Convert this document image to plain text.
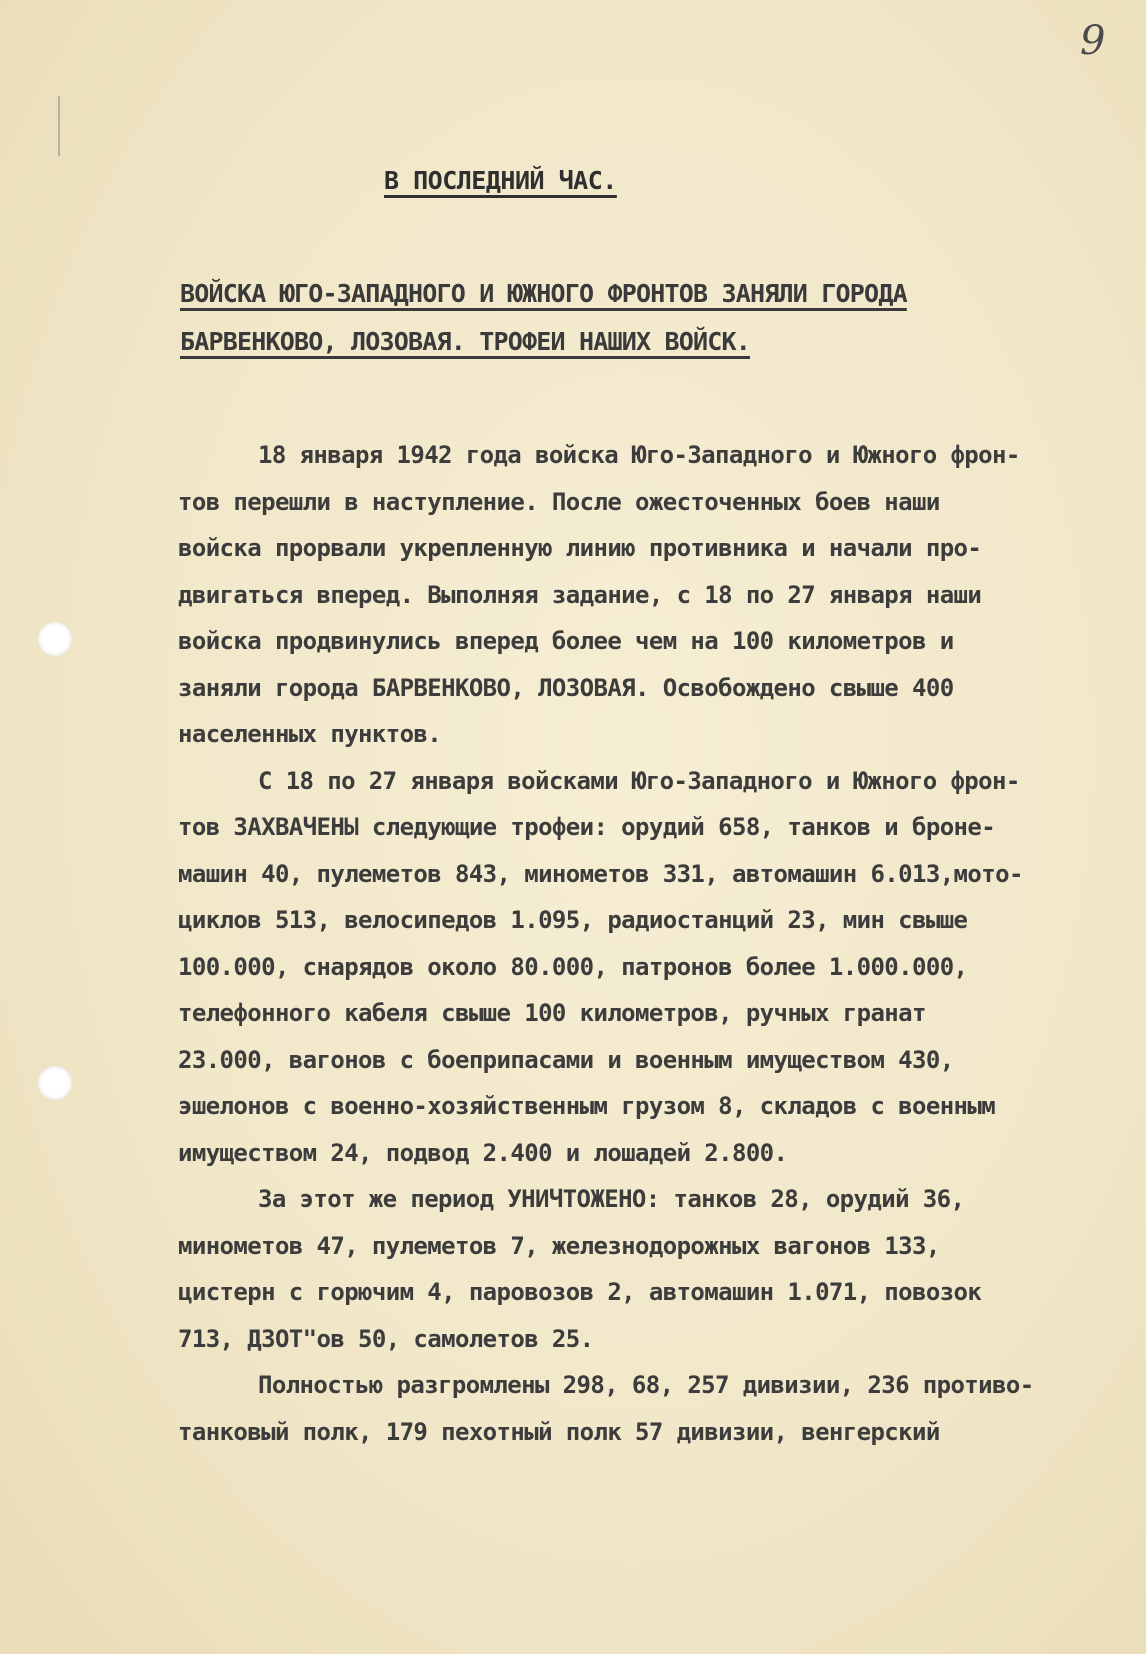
9
В ПОСЛЕДНИЙ ЧАС.
ВОЙСКА ЮГО-ЗАПАДНОГО И ЮЖНОГО ФРОНТОВ ЗАНЯЛИ ГОРОДА
БАРВЕНКОВО, ЛОЗОВАЯ. ТРОФЕИ НАШИХ ВОЙСК.
18 января 1942 года войска Юго-Западного и Южного фрон-
тов перешли в наступление. После ожесточенных боев наши
войска прорвали укрепленную линию противника и начали про-
двигаться вперед. Выполняя задание, с 18 по 27 января наши
войска продвинулись вперед более чем на 100 километров и
заняли города БАРВЕНКОВО, ЛОЗОВАЯ. Освобождено свыше 400
населенных пунктов.
С 18 по 27 января войсками Юго-Западного и Южного фрон-
тов ЗАХВАЧЕНЫ следующие трофеи: орудий 658, танков и броне-
машин 40, пулеметов 843, минометов 331, автомашин 6.013,мото-
циклов 513, велосипедов 1.095, радиостанций 23, мин свыше
100.000, снарядов около 80.000, патронов более 1.000.000,
телефонного кабеля свыше 100 километров, ручных гранат
23.000, вагонов с боеприпасами и военным имуществом 430,
эшелонов с военно-хозяйственным грузом 8, складов с военным
имуществом 24, подвод 2.400 и лошадей 2.800.
За этот же период УНИЧТОЖЕНО: танков 28, орудий 36,
минометов 47, пулеметов 7, железнодорожных вагонов 133,
цистерн с горючим 4, паровозов 2, автомашин 1.071, повозок
713, ДЗОТ"ов 50, самолетов 25.
Полностью разгромлены 298, 68, 257 дивизии, 236 противо-
танковый полк, 179 пехотный полк 57 дивизии, венгерский
